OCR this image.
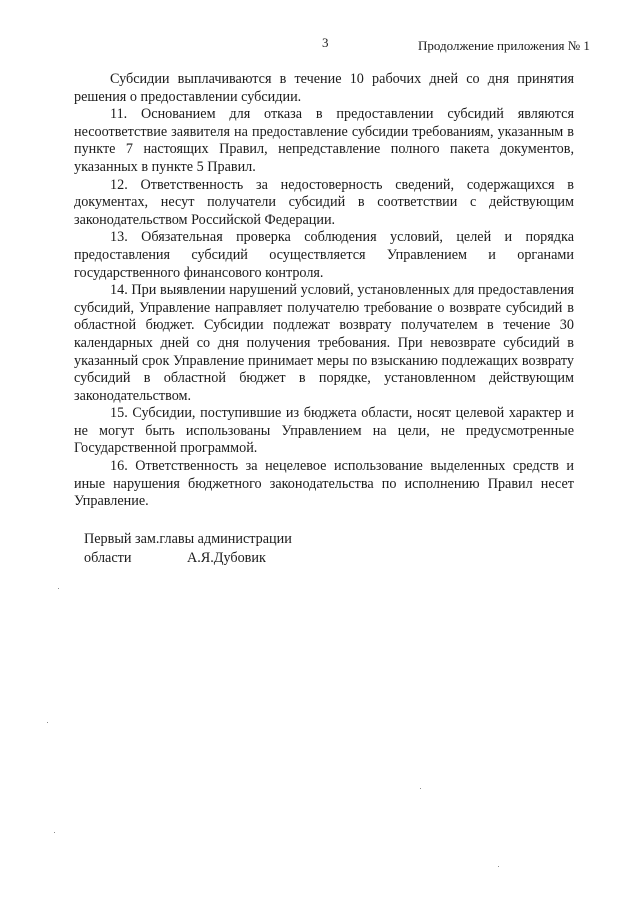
3	Продолжение приложения № 1

Субсидии выплачиваются в течение 10 рабочих дней со дня принятия решения о предоставлении субсидии.

11. Основанием для отказа в предоставлении субсидий являются несоответствие заявителя на предоставление субсидии требованиям, указанным в пункте 7 настоящих Правил, непредставление полного пакета документов, указанных в пункте 5 Правил.

12. Ответственность за недостоверность сведений, содержащихся в документах, несут получатели субсидий в соответствии с действующим законодательством Российской Федерации.

13. Обязательная проверка соблюдения условий, целей и порядка предоставления субсидий осуществляется Управлением и органами государственного финансового контроля.

14. При выявлении нарушений условий, установленных для предоставления субсидий, Управление направляет получателю требование о возврате субсидий в областной бюджет. Субсидии подлежат возврату получателем в течение 30 календарных дней со дня получения требования. При невозврате субсидий в указанный срок Управление принимает меры по взысканию подлежащих возврату субсидий в областной бюджет в порядке, установленном действующим законодательством.

15. Субсидии, поступившие из бюджета области, носят целевой характер и не могут быть использованы Управлением на цели, не предусмотренные Государственной программой.

16. Ответственность за нецелевое использование выделенных средств и иные нарушения бюджетного законодательства по исполнению Правил несет Управление.

Первый зам.главы администрации
области	А.Я.Дубовик
